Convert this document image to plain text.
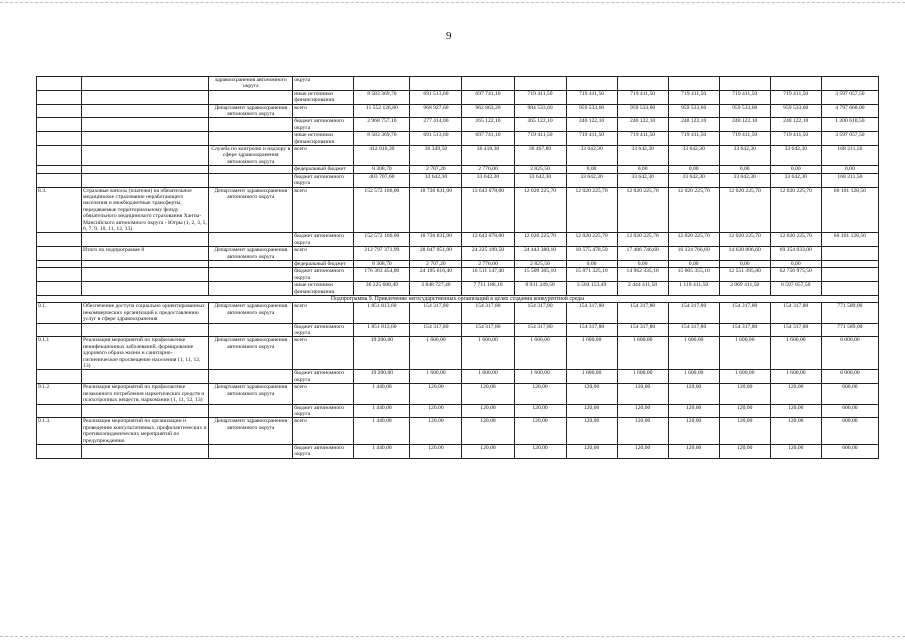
9
		здравоохранения автономного округа	округа										
			иные источники финансирования	8 583 369,70	691 513,60	697 741,10	719 411,50	719 411,50	719 411,50	719 411,50	719 411,50	719 411,50	3 597 057,50
		Департамент здравоохранения автономного округа	всего	11 552 126,80	968 927,60	962 863,20	984 533,60	959 533,60	959 533,60	959 533,60	959 533,60	959 533,60	4 797 668,00
			бюджет автономного округа	2 968 757,10	277 414,00	265 122,10	265 122,10	240 122,10	240 122,10	240 122,10	240 122,10	240 122,10	1 200 610,50
			иные источники финансирования	8 583 369,70	691 513,60	697 741,10	719 411,50	719 411,50	719 411,50	719 411,50	719 411,50	719 411,50	3 597 057,50
		Служба по контролю и надзору в сфере здравоохранения автономного округа	всего	412 016,30	36 349,50	36 418,30	36 467,80	33 642,30	33 642,30	33 642,30	33 642,30	33 642,30	168 211,50
			федеральный бюджет	8 308,70	2 707,20	2 776,00	2 825,50	0,00	0,00	0,00	0,00	0,00	0,00
			бюджет автономного округа	403 707,60	33 642,30	33 642,30	33 642,30	33 642,30	33 642,30	33 642,30	33 642,30	33 642,30	168 211,50
8.3.	Страховые взносы (платежи) на обязательное медицинское страхование неработающего населения и межбюджетные трансферты, передаваемые территориальному фонду обязательного медицинского страхования Ханты-Мансийского автономного округа - Югры (1, 2, 3, 5, 6, 7, 9, 10, 11, 12, 13)	Департамент здравоохранения автономного округа	всего	152 572 166,00	18 726 831,00	13 643 078,00	12 020 225,70	12 020 225,70	12 020 225,70	12 020 225,70	12 020 225,70	12 020 225,70	60 101 128,50
			бюджет автономного округа	152 572 166,00	18 726 831,00	13 643 078,00	12 020 225,70	12 020 225,70	12 020 225,70	12 020 225,70	12 020 225,70	12 020 225,70	60 101 128,50
	Итого по подпрограмме 8	Департамент здравоохранения автономного округа	всего	212 797 371,99	28 047 051,00	24 225 109,50	24 443 380,10	18 575 478,59	17 406 746,60	16 124 766,60	14 620 806,60	69 354 033,00	
			федеральный бюджет	8 308,70	2 707,20	2 776,00	2 825,50	0,00	0,00	0,00	0,00	0,00	
			бюджет автономного округа	176 363 454,80	24 195 616,40	16 511 147,40	15 509 305,10	15 071 325,10	14 962 335,10	15 005 355,10	12 551 395,80	62 756 975,50	
			иные источники финансирования	36 225 608,49	3 848 727,40	7 711 186,10	8 931 249,50	3 504 153,49	2 444 411,50	1 119 411,50	2 069 411,50	6 597 057,50	
Подпрограмма 9. Привлечение негосударственных организаций в целях создания конкурентной среды													
9.1.	Обеспечение доступа социально ориентированных некоммерческих организаций к предоставлению услуг в сфере здравоохранения	Департамент здравоохранения автономного округа	всего	1 851 813,60	154 317,80	154 317,80	154 317,80	154 317,80	154 317,80	154 317,80	154 317,80	154 317,80	771 589,00
			бюджет автономного округа	1 851 813,60	154 317,80	154 317,80	154 317,80	154 317,80	154 317,80	154 317,80	154 317,80	154 317,80	771 589,00
9.1.1	Реализация мероприятий по профилактике неинфекционных заболеваний, формирование здорового образа жизни и санитарно-гигиеническое просвещение населения (1, 11, 12, 13)	Департамент здравоохранения автономного округа	всего	19 200,00	1 600,00	1 600,00	1 600,00	1 600,00	1 600,00	1 600,00	1 600,00	1 600,00	8 000,00
			бюджет автономного округа	19 200,00	1 600,00	1 600,00	1 600,00	1 600,00	1 600,00	1 600,00	1 600,00	1 600,00	8 000,00
9.1.2.	Реализация мероприятий по профилактике незаконного потребления наркотических средств и психотропных веществ, наркомании (1, 11, 12, 13)	Департамент здравоохранения автономного округа	всего	1 440,00	120,00	120,00	120,00	120,00	120,00	120,00	120,00	120,00	600,00
			бюджет автономного округа	1 440,00	120,00	120,00	120,00	120,00	120,00	120,00	120,00	120,00	600,00
9.1.3.	Реализация мероприятий по организации и проведению консультативных, профилактических и противоэпидемических мероприятий по предупреждению	Департамент здравоохранения автономного округа	всего	1 440,00	120,00	120,00	120,00	120,00	120,00	120,00	120,00	120,00	600,00
			бюджет автономного округа	1 440,00	120,00	120,00	120,00	120,00	120,00	120,00	120,00	120,00	600,00
